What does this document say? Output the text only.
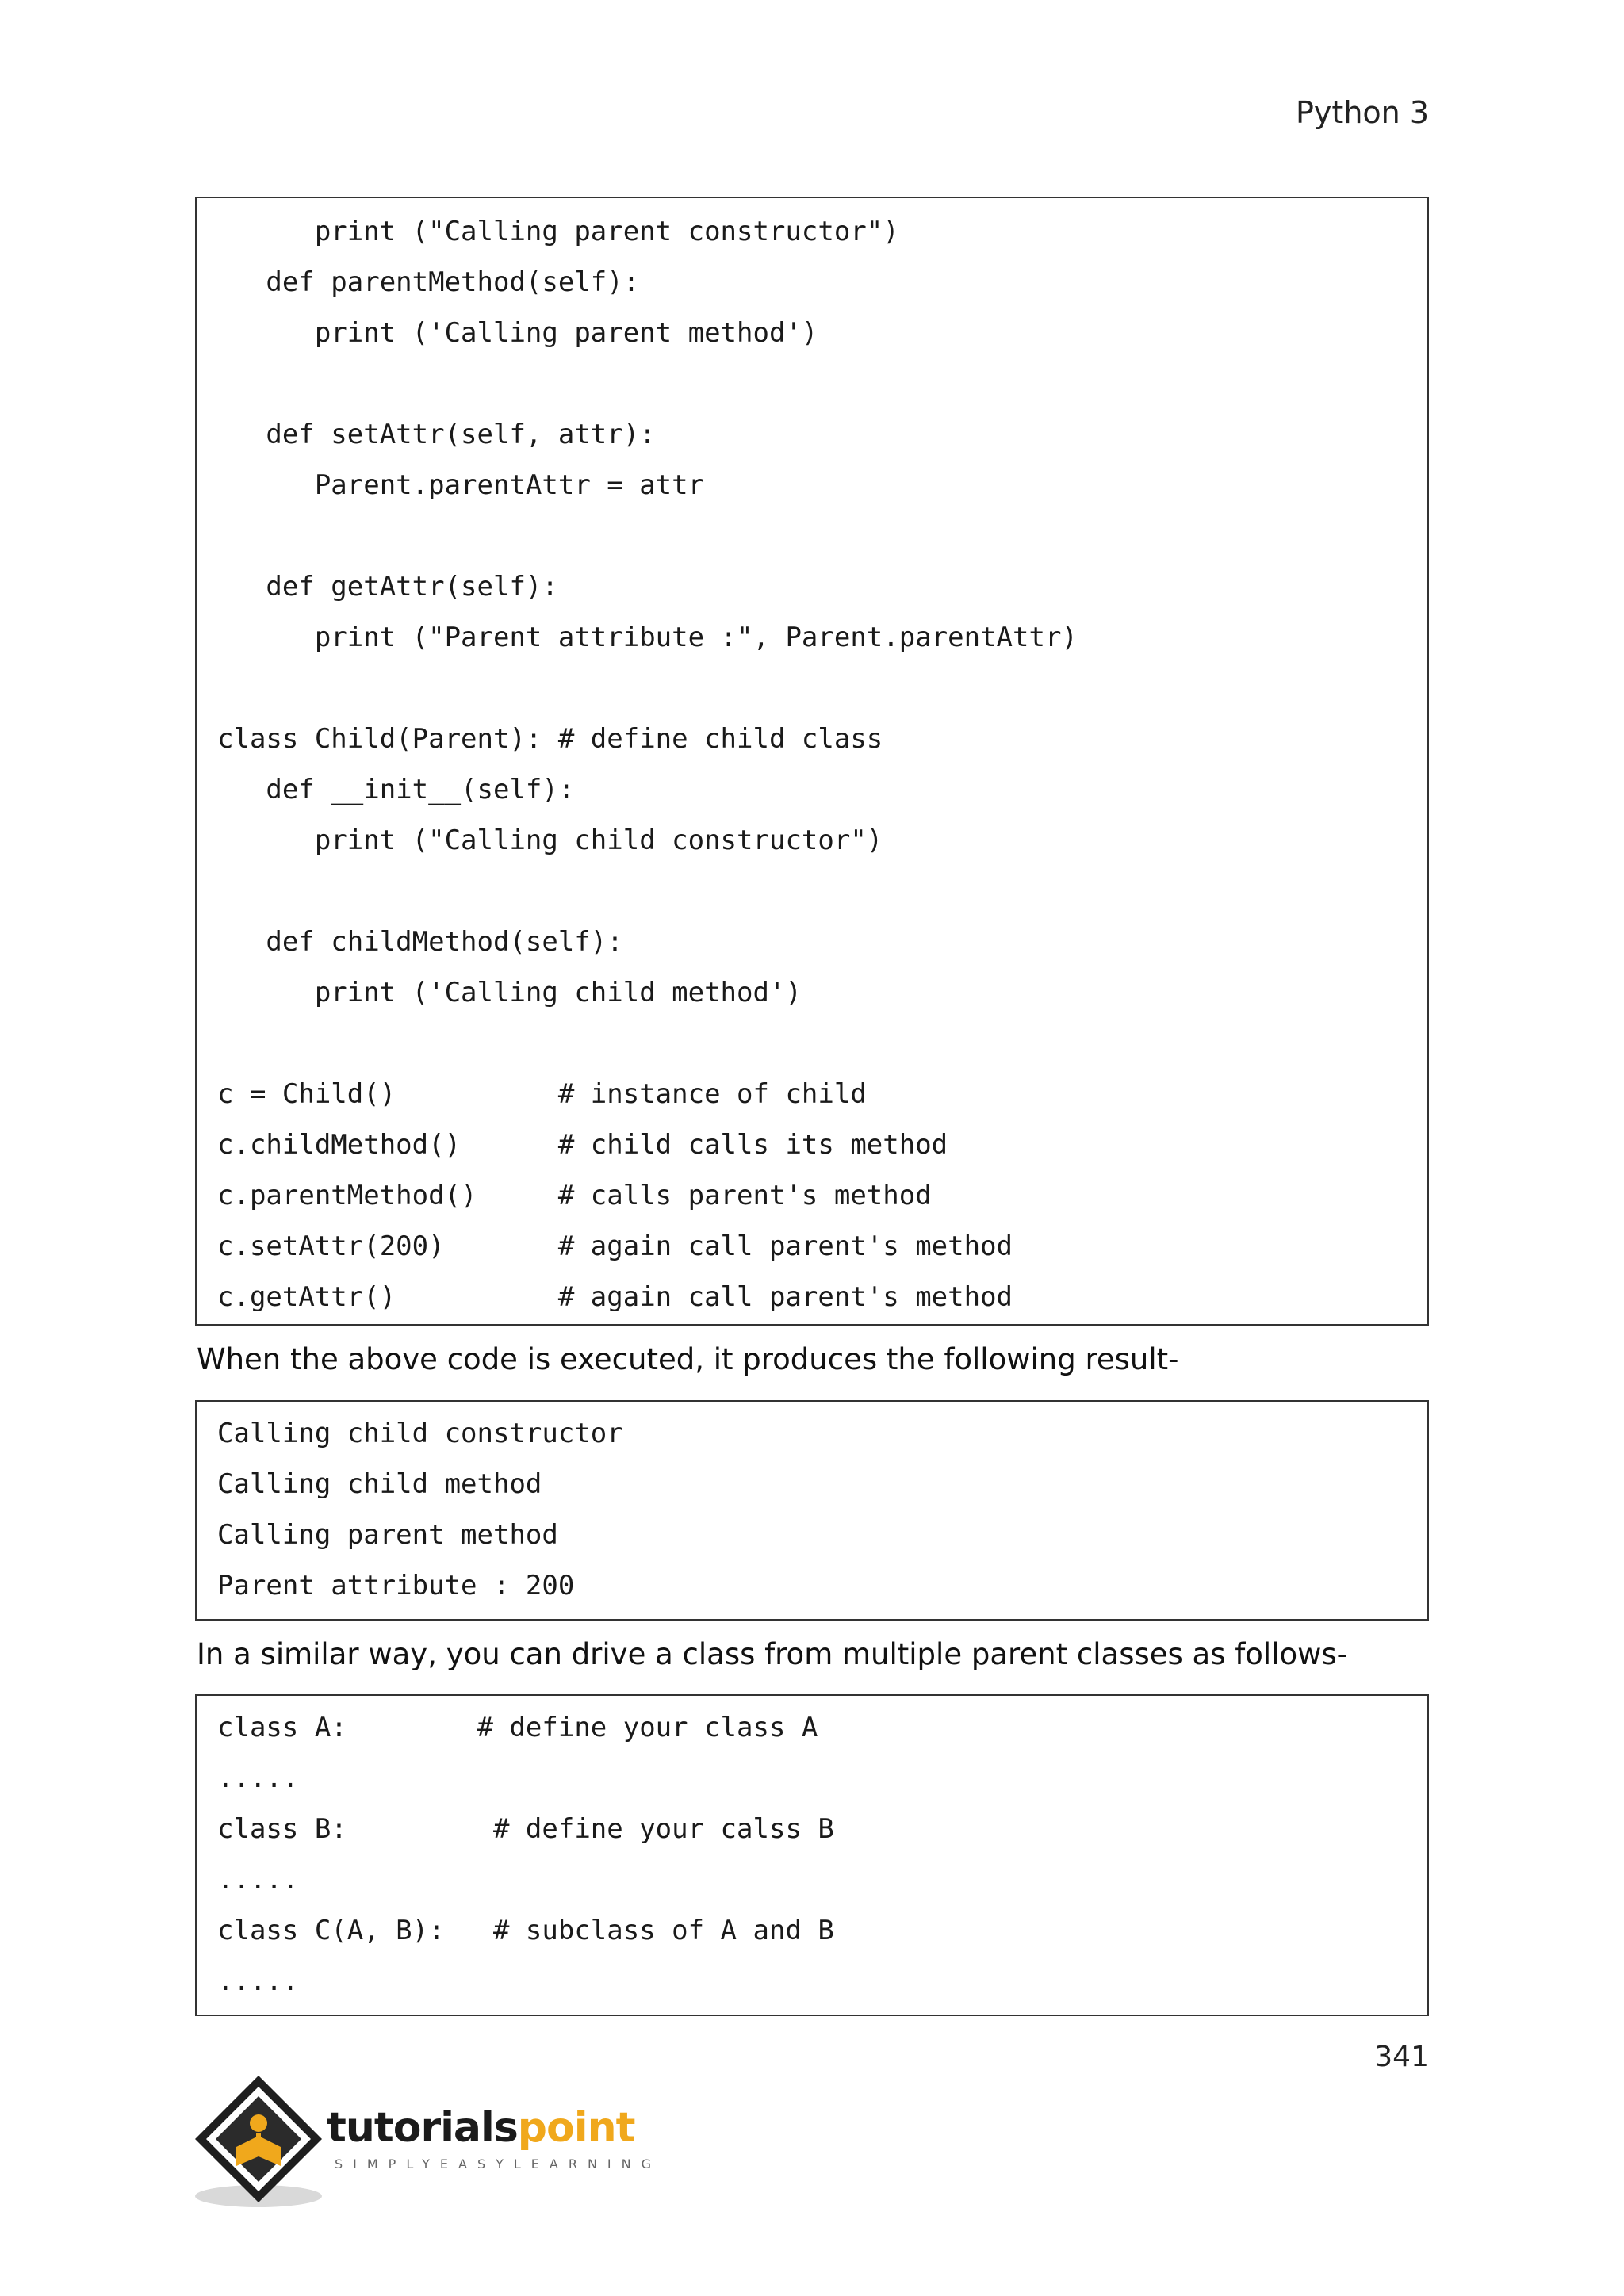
Python 3
print ("Calling parent constructor")
def parentMethod(self):
print ('Calling parent method')
def setAttr(self, attr):
Parent.parentAttr = attr
def getAttr(self):
print ("Parent attribute :", Parent.parentAttr)
class Child(Parent): # define child class
def __init__(self):
print ("Calling child constructor")
def childMethod(self):
print ('Calling child method')
c = Child()          # instance of child
c.childMethod()      # child calls its method
c.parentMethod()     # calls parent's method
c.setAttr(200)       # again call parent's method
c.getAttr()          # again call parent's method
When the above code is executed, it produces the following result-
Calling child constructor
Calling child method
Calling parent method
Parent attribute : 200
In a similar way, you can drive a class from multiple parent classes as follows-
class A:        # define your class A
.....
class B:         # define your calss B
.....
class C(A, B):   # subclass of A and B
.....
341
tutorialspoint
SIMPLYEASYLEARNING
